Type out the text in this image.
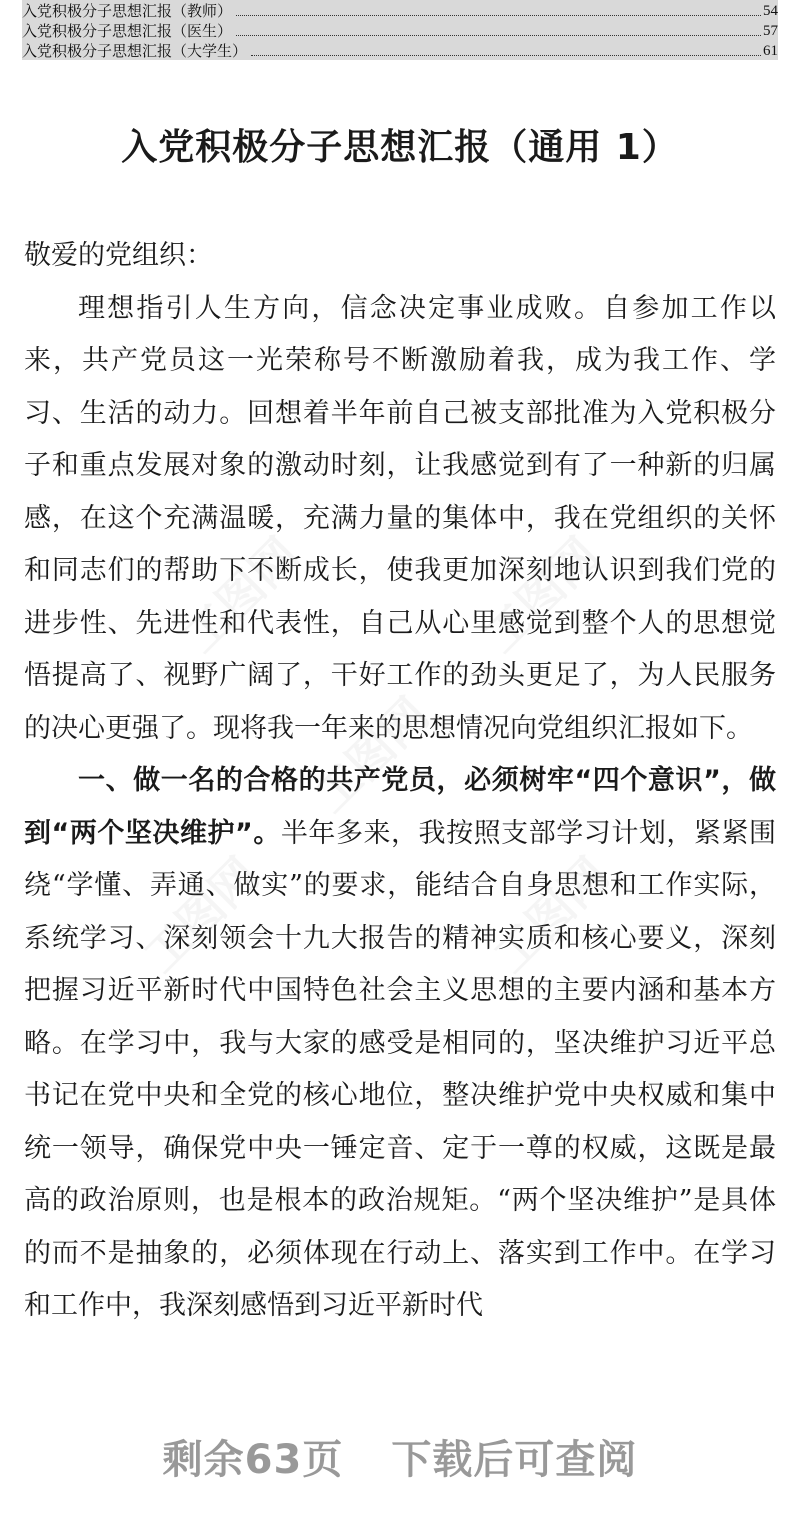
入党积极分子思想汇报（教师）	54
入党积极分子思想汇报（医生）	57
入党积极分子思想汇报（大学生）	61
入党积极分子思想汇报（通用 1）

敬爱的党组织：

理想指引人生方向，信念决定事业成败。自参加工作以来，共产党员这一光荣称号不断激励着我，成为我工作、学习、生活的动力。回想着半年前自己被支部批准为入党积极分子和重点发展对象的激动时刻，让我感觉到有了一种新的归属感，在这个充满温暖，充满力量的集体中，我在党组织的关怀和同志们的帮助下不断成长，使我更加深刻地认识到我们党的进步性、先进性和代表性，自己从心里感觉到整个人的思想觉悟提高了、视野广阔了，干好工作的劲头更足了，为人民服务的决心更强了。现将我一年来的思想情况向党组织汇报如下。

一、做一名的合格的共产党员，必须树牢“四个意识”，做到“两个坚决维护”。半年多来，我按照支部学习计划，紧紧围绕“学懂、弄通、做实”的要求，能结合自身思想和工作实际，系统学习、深刻领会十九大报告的精神实质和核心要义，深刻把握习近平新时代中国特色社会主义思想的主要内涵和基本方略。在学习中，我与大家的感受是相同的，坚决维护习近平总书记在党中央和全党的核心地位，整决维护党中央权威和集中统一领导，确保党中央一锤定音、定于一尊的权威，这既是最高的政治原则，也是根本的政治规矩。“两个坚决维护”是具体的而不是抽象的，必须体现在行动上、落实到工作中。在学习和工作中，我深刻感悟到习近平新时代

工图网	工图网
工图网
工图网	工图网
剩余63页 下载后可查阅
